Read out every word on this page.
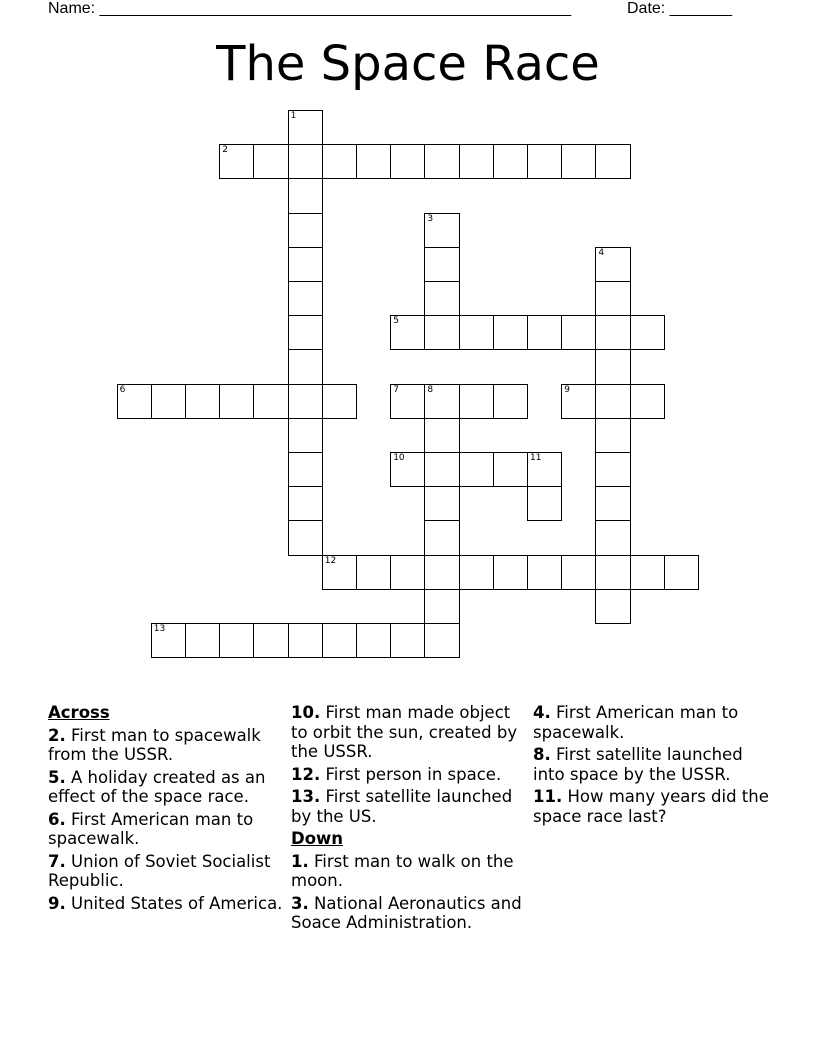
Name: _____________________________________________________	Date: _______
The Space Race
2
1
3
4
5
6	7	8	9
10	11
12
13
Across
2. First man to spacewalk from the USSR.
5. A holiday created as an effect of the space race.
6. First American man to spacewalk.
7. Union of Soviet Socialist Republic.
9. United States of America.
10. First man made object to orbit the sun, created by the USSR.
12. First person in space.
13. First satellite launched by the US.
Down
1. First man to walk on the moon.
3. National Aeronautics and Soace Administration.
4. First American man to spacewalk.
8. First satellite launched into space by the USSR.
11. How many years did the space race last?
